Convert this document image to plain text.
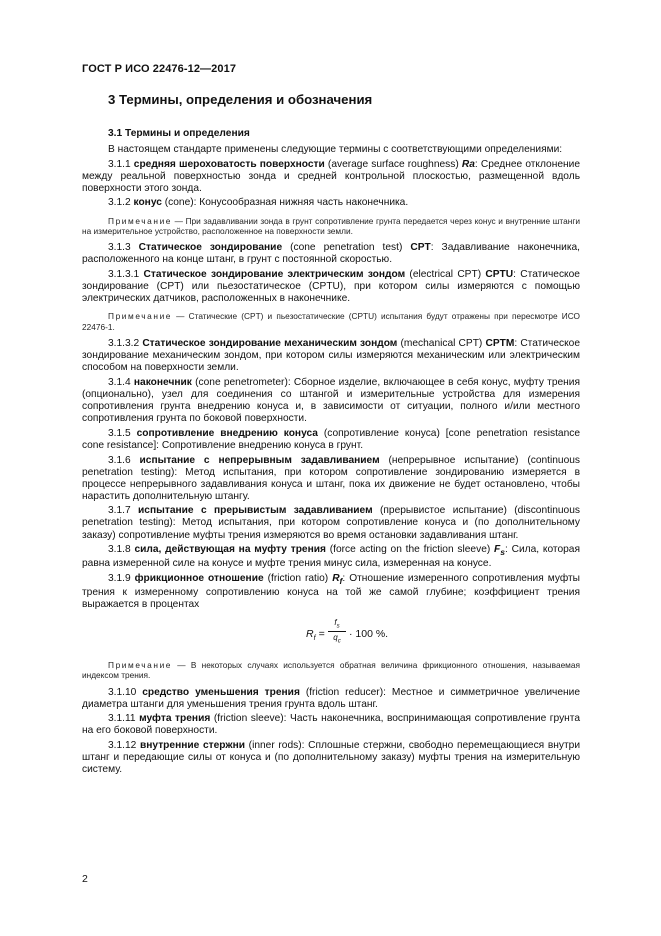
ГОСТ Р ИСО 22476-12—2017
3 Термины, определения и обозначения
3.1 Термины и определения

В настоящем стандарте применены следующие термины с соответствующими определениями:

3.1.1 средняя шероховатость поверхности (average surface roughness) Ra: Среднее отклонение между реальной поверхностью зонда и средней контрольной плоскостью, размещенной вдоль поверхности этого зонда.

3.1.2 конус (cone): Конусообразная нижняя часть наконечника.

Примечание — При задавливании зонда в грунт сопротивление грунта передается через конус и внутренние штанги на измерительное устройство, расположенное на поверхности земли.

3.1.3 Статическое зондирование (cone penetration test) CPT: Задавливание наконечника, расположенного на конце штанг, в грунт с постоянной скоростью.

3.1.3.1 Статическое зондирование электрическим зондом (electrical CPT) CPTU: Статическое зондирование (CPT) или пьезостатическое (CPTU), при котором силы измеряются с помощью электрических датчиков, расположенных в наконечнике.

Примечание — Статические (CPT) и пьезостатические (CPTU) испытания будут отражены при пересмотре ИСО 22476-1.

3.1.3.2 Статическое зондирование механическим зондом (mechanical CPT) CPTM: Статическое зондирование механическим зондом, при котором силы измеряются механическим или электрическим способом на поверхности земли.

3.1.4 наконечник (cone penetrometer): Сборное изделие, включающее в себя конус, муфту трения (опционально), узел для соединения со штангой и измерительные устройства для измерения сопротивления грунта внедрению конуса и, в зависимости от ситуации, полного и/или местного сопротивления грунта по боковой поверхности.

3.1.5 сопротивление внедрению конуса (сопротивление конуса) [cone penetration resistance cone resistance]: Сопротивление внедрению конуса в грунт.

3.1.6 испытание с непрерывным задавливанием (непрерывное испытание) (continuous penetration testing): Метод испытания, при котором сопротивление зондированию измеряется в процессе непрерывного задавливания конуса и штанг, пока их движение не будет остановлено, чтобы нарастить дополнительную штангу.

3.1.7 испытание с прерывистым задавливанием (прерывистое испытание) (discontinuous penetration testing): Метод испытания, при котором сопротивление конуса и (по дополнительному заказу) сопротивление муфты трения измеряются во время остановки задавливания штанг.

3.1.8 сила, действующая на муфту трения (force acting on the friction sleeve) $F_s$: Сила, которая равна измеренной силе на конусе и муфте трения минус сила, измеренная на конусе.

3.1.9 фрикционное отношение (friction ratio) $R_f$: Отношение измеренного сопротивления муфты трения к измеренному сопротивлению конуса на той же самой глубине; коэффициент трения выражается в процентах

$R_f = \frac{f_s}{q_c} \cdot 100$ %.

Примечание — В некоторых случаях используется обратная величина фрикционного отношения, называемая индексом трения.

3.1.10 средство уменьшения трения (friction reducer): Местное и симметричное увеличение диаметра штанги для уменьшения трения грунта вдоль штанг.

3.1.11 муфта трения (friction sleeve): Часть наконечника, воспринимающая сопротивление грунта на его боковой поверхности.

3.1.12 внутренние стержни (inner rods): Сплошные стержни, свободно перемещающиеся внутри штанг и передающие силы от конуса и (по дополнительному заказу) муфты трения на измерительную систему.

2
